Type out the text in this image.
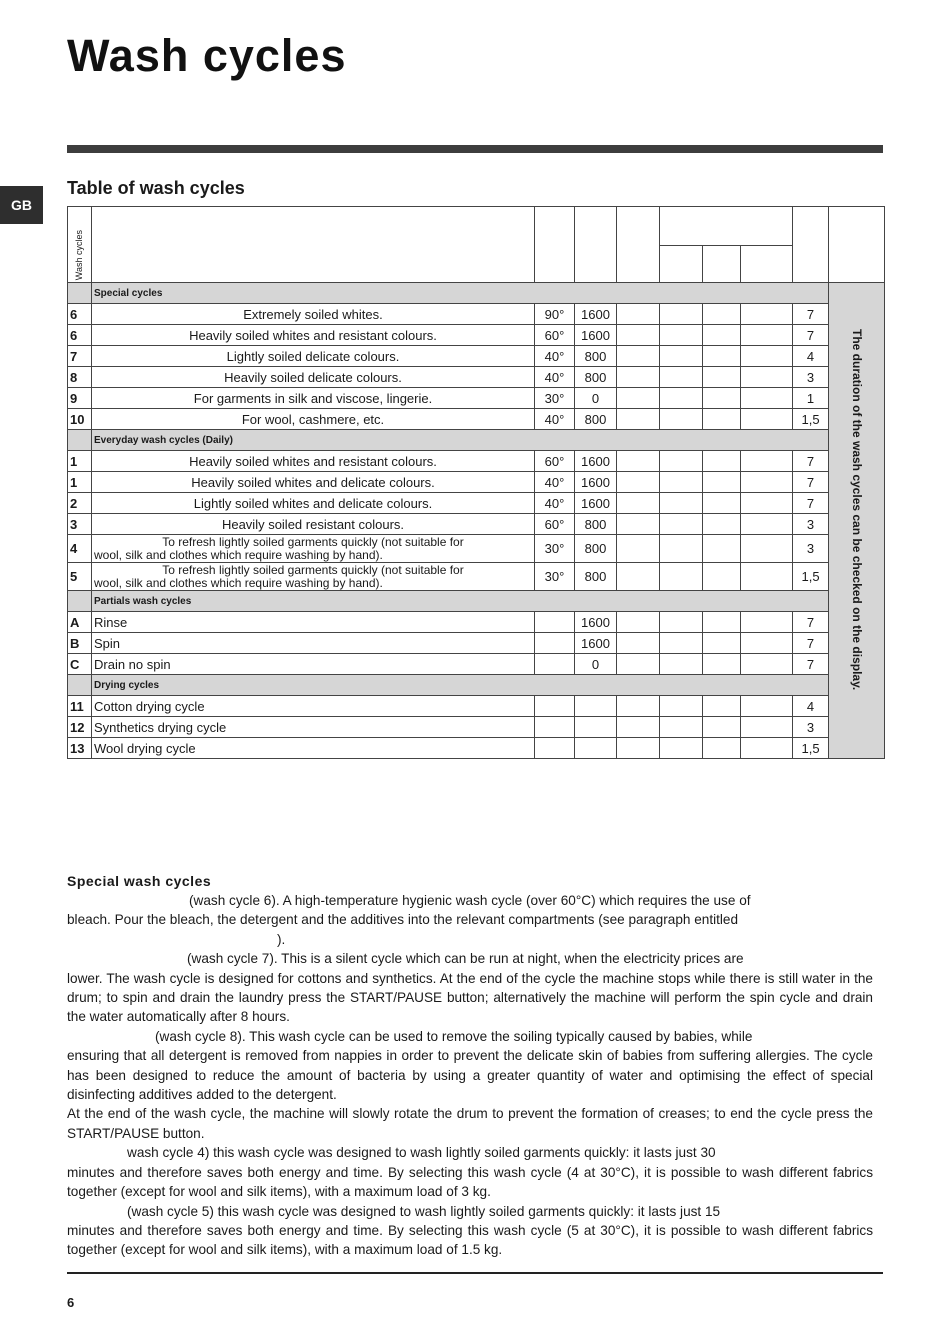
Wash cycles
GB
Table of wash cycles
Wash cycles									

	Special cycles								The duration of the wash cycles can be checked on the display.
6	Extremely soiled whites.	90°	1600					7	
6	Heavily soiled whites and resistant colours.	60°	1600					7	
7	Lightly soiled delicate colours.	40°	800					4	
8	Heavily soiled delicate colours.	40°	800					3	
9	For garments in silk and viscose, lingerie.	30°	0					1	
10	For wool, cashmere, etc.	40°	800					1,5	
	Everyday wash cycles (Daily)								
1	Heavily soiled whites and resistant colours.	60°	1600					7	
1	Heavily soiled whites and delicate colours.	40°	1600					7	
2	Lightly soiled whites and delicate colours.	40°	1600					7	
3	Heavily soiled resistant colours.	60°	800					3	
4	To refresh lightly soiled garments quickly (not suitable for
wool, silk and clothes which require washing by hand).	30°	800					3	
5	To refresh lightly soiled garments quickly (not suitable for
wool, silk and clothes which require washing by hand).	30°	800					1,5	
	Partials wash cycles								
A	Rinse		1600					7	
B	Spin		1600					7	
C	Drain no spin		0					7	
	Drying cycles								
11	Cotton drying cycle							4	
12	Synthetics drying cycle							3	
13	Wool drying cycle							1,5	
Special wash cycles

(wash cycle 6). A high-temperature hygienic wash cycle (over 60°C) which requires the use of

bleach. Pour the bleach, the detergent and the additives into the relevant compartments (see paragraph entitled

).

(wash cycle 7). This is a silent cycle which can be run at night, when the electricity prices are

lower. The wash cycle is designed for cottons and synthetics. At the end of the cycle the machine stops while there is still water in the drum; to spin and drain the laundry press the START/PAUSE button; alternatively the machine will perform the spin cycle and drain the water automatically after 8 hours.

(wash cycle 8). This wash cycle can be used to remove the soiling typically caused by babies, while

ensuring that all detergent is removed from nappies in order to prevent the delicate skin of babies from suffering allergies. The cycle has been designed to reduce the amount of bacteria by using a greater quantity of water and optimising the effect of special disinfecting additives added to the detergent.

At the end of the wash cycle, the machine will slowly rotate the drum to prevent the formation of creases; to end the cycle press the START/PAUSE button.

wash cycle 4) this wash cycle was designed to wash lightly soiled garments quickly: it lasts just 30

minutes and therefore saves both energy and time. By selecting this wash cycle (4 at 30°C), it is possible to wash different fabrics together (except for wool and silk items), with a maximum load of 3 kg.

(wash cycle 5) this wash cycle was designed to wash lightly soiled garments quickly: it lasts just 15

minutes and therefore saves both energy and time. By selecting this wash cycle (5 at 30°C), it is possible to wash different fabrics together (except for wool and silk items), with a maximum load of 1.5 kg.

6
